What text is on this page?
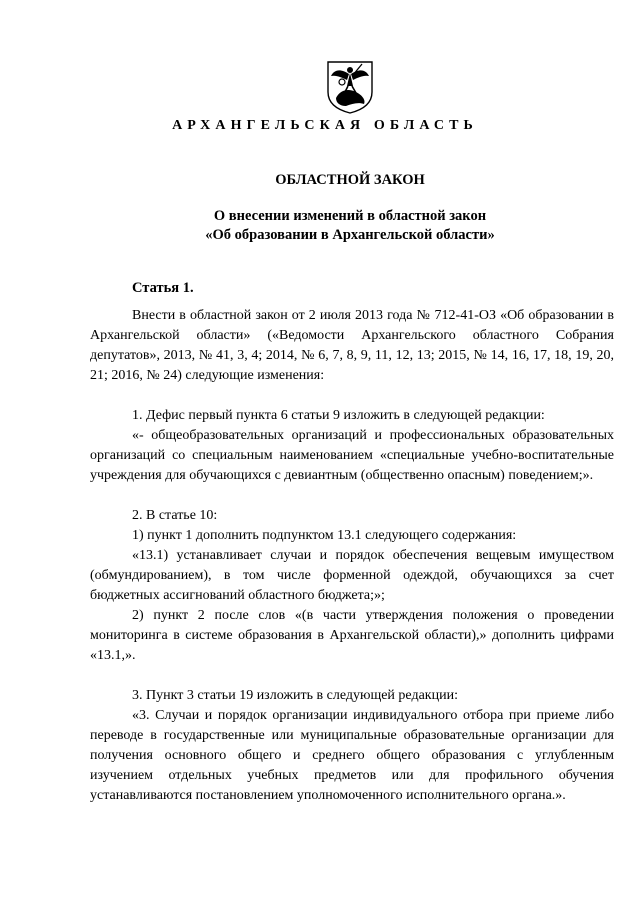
АРХАНГЕЛЬСКАЯ ОБЛАСТЬ
ОБЛАСТНОЙ ЗАКОН
О внесении изменений в областной закон
«Об образовании в Архангельской области»
Статья 1.

Внести в областной закон от 2 июля 2013 года № 712-41-ОЗ «Об образовании в Архангельской области» («Ведомости Архангельского областного Собрания депутатов», 2013, № 41, 3, 4; 2014, № 6, 7, 8, 9, 11, 12, 13; 2015, № 14, 16, 17, 18, 19, 20, 21; 2016, № 24) следующие изменения:

1. Дефис первый пункта 6 статьи 9 изложить в следующей редакции:

«- общеобразовательных организаций и профессиональных образовательных организаций со специальным наименованием «специальные учебно-воспитательные учреждения для обучающихся с девиантным (общественно опасным) поведением;».

2. В статье 10:

1) пункт 1 дополнить подпунктом 13.1 следующего содержания:

«13.1) устанавливает случаи и порядок обеспечения вещевым имуществом (обмундированием), в том числе форменной одеждой, обучающихся за счет бюджетных ассигнований областного бюджета;»;

2) пункт 2 после слов «(в части утверждения положения о проведении мониторинга в системе образования в Архангельской области),» дополнить цифрами «13.1,».

3. Пункт 3 статьи 19 изложить в следующей редакции:

«3. Случаи и порядок организации индивидуального отбора при приеме либо переводе в государственные или муниципальные образовательные организации для получения основного общего и среднего общего образования с углубленным изучением отдельных учебных предметов или для профильного обучения устанавливаются постановлением уполномоченного исполнительного органа.».
